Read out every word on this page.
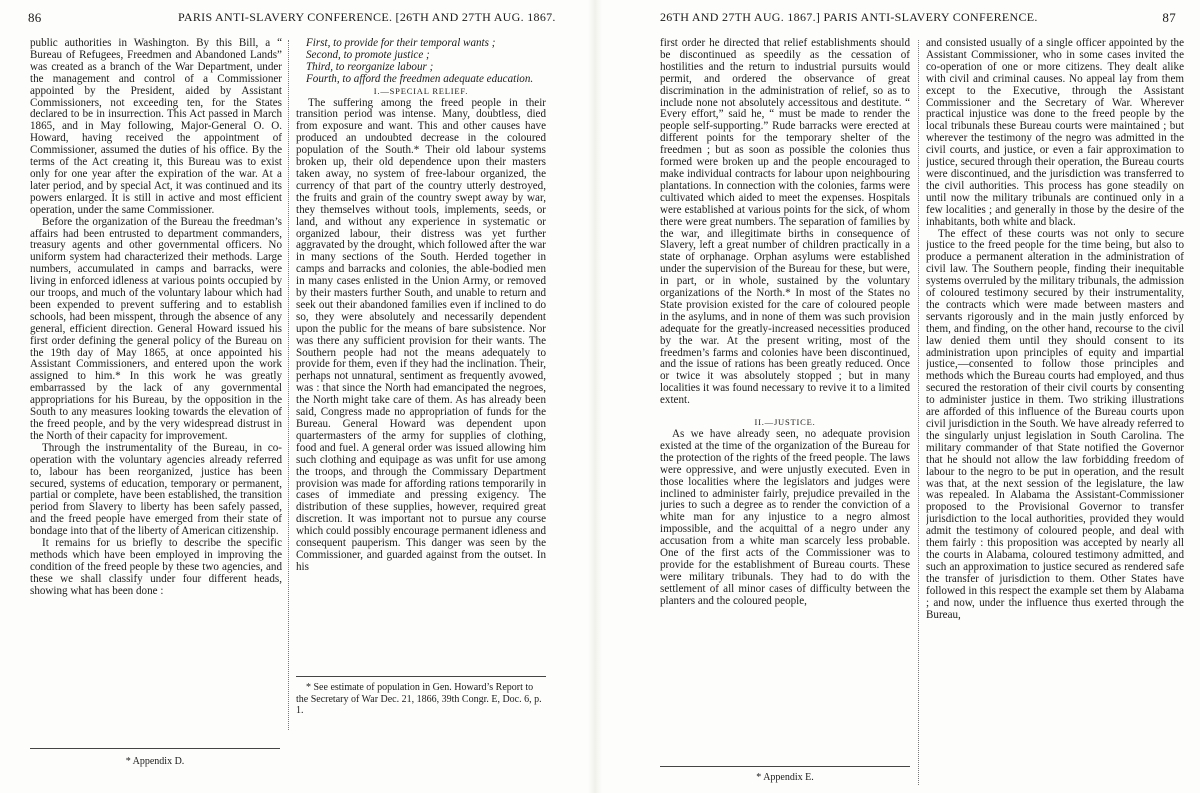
86	PARIS ANTI-SLAVERY CONFERENCE. [26TH AND 27TH AUG. 1867.

public authorities in Washington. By this Bill, a “ Bureau of Refugees, Freedmen and Abandoned Lands” was created as a branch of the War Department, under the management and control of a Commissioner appointed by the President, aided by Assistant Commissioners, not exceeding ten, for the States declared to be in insurrection. This Act passed in March 1865, and in May following, Major-General O. O. Howard, having received the appointment of Commissioner, assumed the duties of his office. By the terms of the Act creating it, this Bureau was to exist only for one year after the expiration of the war. At a later period, and by special Act, it was continued and its powers enlarged. It is still in active and most efficient operation, under the same Commissioner.

Before the organization of the Bureau the freedman’s affairs had been entrusted to department commanders, treasury agents and other governmental officers. No uniform system had characterized their methods. Large numbers, accumulated in camps and barracks, were living in enforced idleness at various points occupied by our troops, and much of the voluntary labour which had been expended to prevent suffering and to establish schools, had been misspent, through the absence of any general, efficient direction. General Howard issued his first order defining the general policy of the Bureau on the 19th day of May 1865, at once appointed his Assistant Commissioners, and entered upon the work assigned to him.* In this work he was greatly embarrassed by the lack of any governmental appropriations for his Bureau, by the opposition in the South to any measures looking towards the elevation of the freed people, and by the very widespread distrust in the North of their capacity for improvement.

Through the instrumentality of the Bureau, in co-operation with the voluntary agencies already referred to, labour has been reorganized, justice has been secured, systems of education, temporary or permanent, partial or complete, have been established, the transition period from Slavery to liberty has been safely passed, and the freed people have emerged from their state of bondage into that of the liberty of American citizenship.

It remains for us briefly to describe the specific methods which have been employed in improving the condition of the freed people by these two agencies, and these we shall classify under four different heads, showing what has been done :

First, to provide for their temporal wants ;

Second, to promote justice ;

Third, to reorganize labour ;

Fourth, to afford the freedmen adequate education.

I.—SPECIAL RELIEF.

The suffering among the freed people in their transition period was intense. Many, doubtless, died from exposure and want. This and other causes have produced an undoubted decrease in the coloured population of the South.* Their old labour systems broken up, their old dependence upon their masters taken away, no system of free-labour organized, the currency of that part of the country utterly destroyed, the fruits and grain of the country swept away by war, they themselves without tools, implements, seeds, or land, and without any experience in systematic or organized labour, their distress was yet further aggravated by the drought, which followed after the war in many sections of the South. Herded together in camps and barracks and colonies, the able-bodied men in many cases enlisted in the Union Army, or removed by their masters further South, and unable to return and seek out their abandoned families even if inclined to do so, they were absolutely and necessarily dependent upon the public for the means of bare subsistence. Nor was there any sufficient provision for their wants. The Southern people had not the means adequately to provide for them, even if they had the inclination. Their, perhaps not unnatural, sentiment as frequently avowed, was : that since the North had emancipated the negroes, the North might take care of them. As has already been said, Congress made no appropriation of funds for the Bureau. General Howard was dependent upon quartermasters of the army for supplies of clothing, food and fuel. A general order was issued allowing him such clothing and equipage as was unfit for use among the troops, and through the Commissary Department provision was made for affording rations temporarily in cases of immediate and pressing exigency. The distribution of these supplies, however, required great discretion. It was important not to pursue any course which could possibly encourage permanent idleness and consequent pauperism. This danger was seen by the Commissioner, and guarded against from the outset. In his

* Appendix D.
* See estimate of population in Gen. Howard’s Report to the Secretary of War Dec. 21, 1866, 39th Congr. E, Doc. 6, p. 1.
26TH AND 27TH AUG. 1867.] PARIS ANTI-SLAVERY CONFERENCE.	87

first order he directed that relief establishments should be discontinued as speedily as the cessation of hostilities and the return to industrial pursuits would permit, and ordered the observance of great discrimination in the administration of relief, so as to include none not absolutely accessitous and destitute. “ Every effort,” said he, “ must be made to render the people self-supporting.” Rude barracks were erected at different points for the temporary shelter of the freedmen ; but as soon as possible the colonies thus formed were broken up and the people encouraged to make individual contracts for labour upon neighbouring plantations. In connection with the colonies, farms were cultivated which aided to meet the expenses. Hospitals were established at various points for the sick, of whom there were great numbers. The separation of families by the war, and illegitimate births in consequence of Slavery, left a great number of children practically in a state of orphanage. Orphan asylums were established under the supervision of the Bureau for these, but were, in part, or in whole, sustained by the voluntary organizations of the North.* In most of the States no State provision existed for the care of coloured people in the asylums, and in none of them was such provision adequate for the greatly-increased necessities produced by the war. At the present writing, most of the freedmen’s farms and colonies have been discontinued, and the issue of rations has been greatly reduced. Once or twice it was absolutely stopped ; but in many localities it was found necessary to revive it to a limited extent.

II.—JUSTICE.

As we have already seen, no adequate provision existed at the time of the organization of the Bureau for the protection of the rights of the freed people. The laws were oppressive, and were unjustly executed. Even in those localities where the legislators and judges were inclined to administer fairly, prejudice prevailed in the juries to such a degree as to render the conviction of a white man for any injustice to a negro almost impossible, and the acquittal of a negro under any accusation from a white man scarcely less probable. One of the first acts of the Commissioner was to provide for the establishment of Bureau courts. These were military tribunals. They had to do with the settlement of all minor cases of difficulty between the planters and the coloured people,

and consisted usually of a single officer appointed by the Assistant Commissioner, who in some cases invited the co-operation of one or more citizens. They dealt alike with civil and criminal causes. No appeal lay from them except to the Executive, through the Assistant Commissioner and the Secretary of War. Wherever practical injustice was done to the freed people by the local tribunals these Bureau courts were maintained ; but wherever the testimony of the negro was admitted in the civil courts, and justice, or even a fair approximation to justice, secured through their operation, the Bureau courts were discontinued, and the jurisdiction was transferred to the civil authorities. This process has gone steadily on until now the military tribunals are continued only in a few localities ; and generally in those by the desire of the inhabitants, both white and black.

The effect of these courts was not only to secure justice to the freed people for the time being, but also to produce a permanent alteration in the administration of civil law. The Southern people, finding their inequitable systems overruled by the military tribunals, the admission of coloured testimony secured by their instrumentality, the contracts which were made between masters and servants rigorously and in the main justly enforced by them, and finding, on the other hand, recourse to the civil law denied them until they should consent to its administration upon principles of equity and impartial justice,—consented to follow those principles and methods which the Bureau courts had employed, and thus secured the restoration of their civil courts by consenting to administer justice in them. Two striking illustrations are afforded of this influence of the Bureau courts upon civil jurisdiction in the South. We have already referred to the singularly unjust legislation in South Carolina. The military commander of that State notified the Governor that he should not allow the law forbidding freedom of labour to the negro to be put in operation, and the result was that, at the next session of the legislature, the law was repealed. In Alabama the Assistant-Commissioner proposed to the Provisional Governor to transfer jurisdiction to the local authorities, provided they would admit the testimony of coloured people, and deal with them fairly : this proposition was accepted by nearly all the courts in Alabama, coloured testimony admitted, and such an approximation to justice secured as rendered safe the transfer of jurisdiction to them. Other States have followed in this respect the example set them by Alabama ; and now, under the influence thus exerted through the Bureau,

* Appendix E.
